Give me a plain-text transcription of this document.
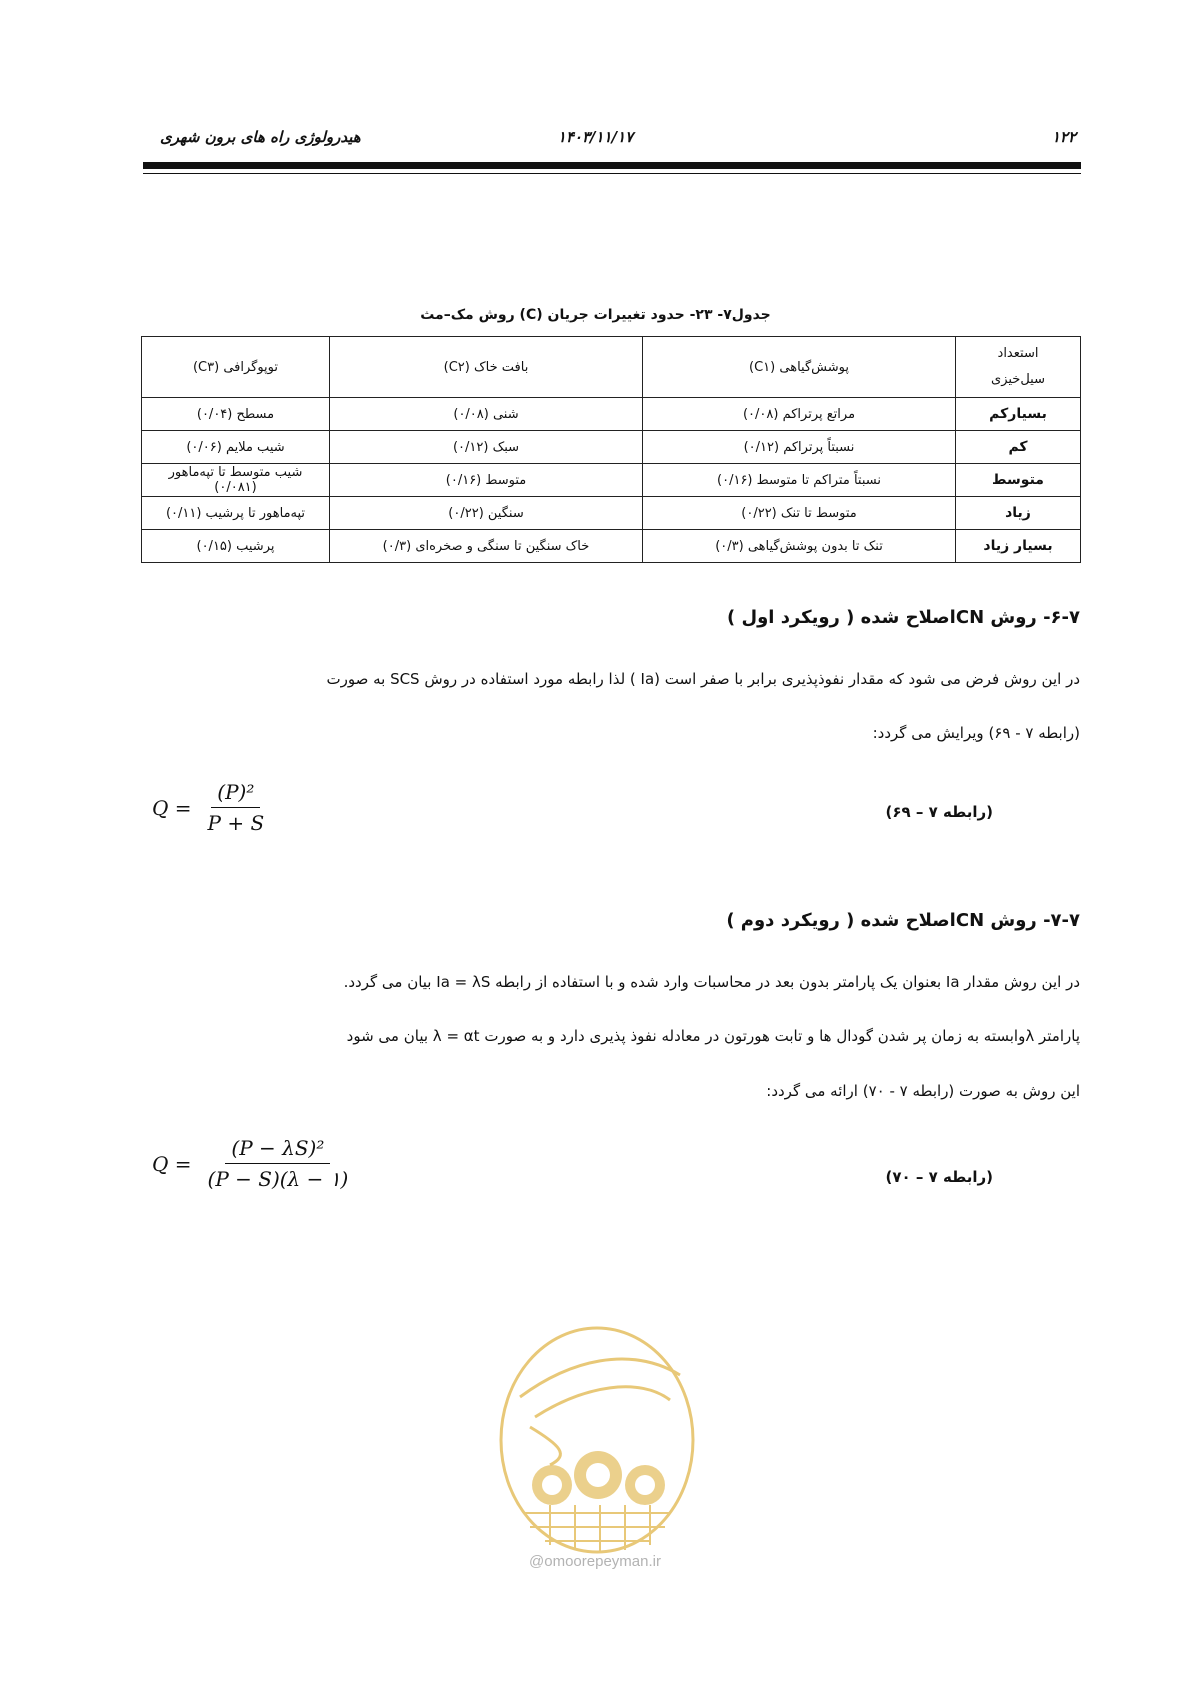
هیدرولوژی راه های برون شهری	۱۴۰۳/۱۱/۱۷	۱۲۲
جدول۷- ۲۳- حدود تغییرات جریان (C) روش مک–مث
استعداد
سیل‌خیزی	پوشش‌گیاهی (C۱)	بافت خاک (C۲)	توپوگرافی (C۳)
بسیارکم	مراتع پرتراکم (۰/۰۸)	شنی (۰/۰۸)	مسطح (۰/۰۴)
کم	نسبتاً پرتراکم (۰/۱۲)	سبک (۰/۱۲)	شیب ملایم (۰/۰۶)
متوسط	نسبتاً متراکم تا متوسط (۰/۱۶)	متوسط (۰/۱۶)	شیب متوسط تا تپه‌ماهور (۰/۰۸۱)
زیاد	متوسط تا تنک (۰/۲۲)	سنگین (۰/۲۲)	تپه‌ماهور تا پرشیب (۰/۱۱)
بسیار زیاد	تنک تا بدون پوشش‌گیاهی (۰/۳)	خاک سنگین تا سنگی و صخره‌ای (۰/۳)	پرشیب (۰/۱۵)
۶-۷- روش CNاصلاح شده ( رویکرد اول )
در این روش فرض می شود که مقدار نفوذپذیری برابر با صفر است (Ia ) لذا رابطه مورد استفاده در روش SCS به صورت
(رابطه ۷ - ۶۹) ویرایش می گردد:
$Q = \frac{\text{(P)²}}{P + S}$	(رابطه ۷ – ۶۹)
۷-۷- روش CNاصلاح شده ( رویکرد دوم )
در این روش مقدار Ia بعنوان یک پارامتر بدون بعد در محاسبات وارد شده و با استفاده از رابطه Ia = λS بیان می گردد.
پارامتر λوابسته به زمان پر شدن گودال ها و تابت هورتون در معادله نفوذ پذیری دارد و به صورت λ = αt بیان می شود
این روش به صورت (رابطه ۷ - ۷۰) ارائه می گردد:
$Q = \frac{\text{(P − λS)²}}{(P - S)(\lambda - ۱)}$	(رابطه ۷ – ۷۰)
@omoorepeyman.ir
